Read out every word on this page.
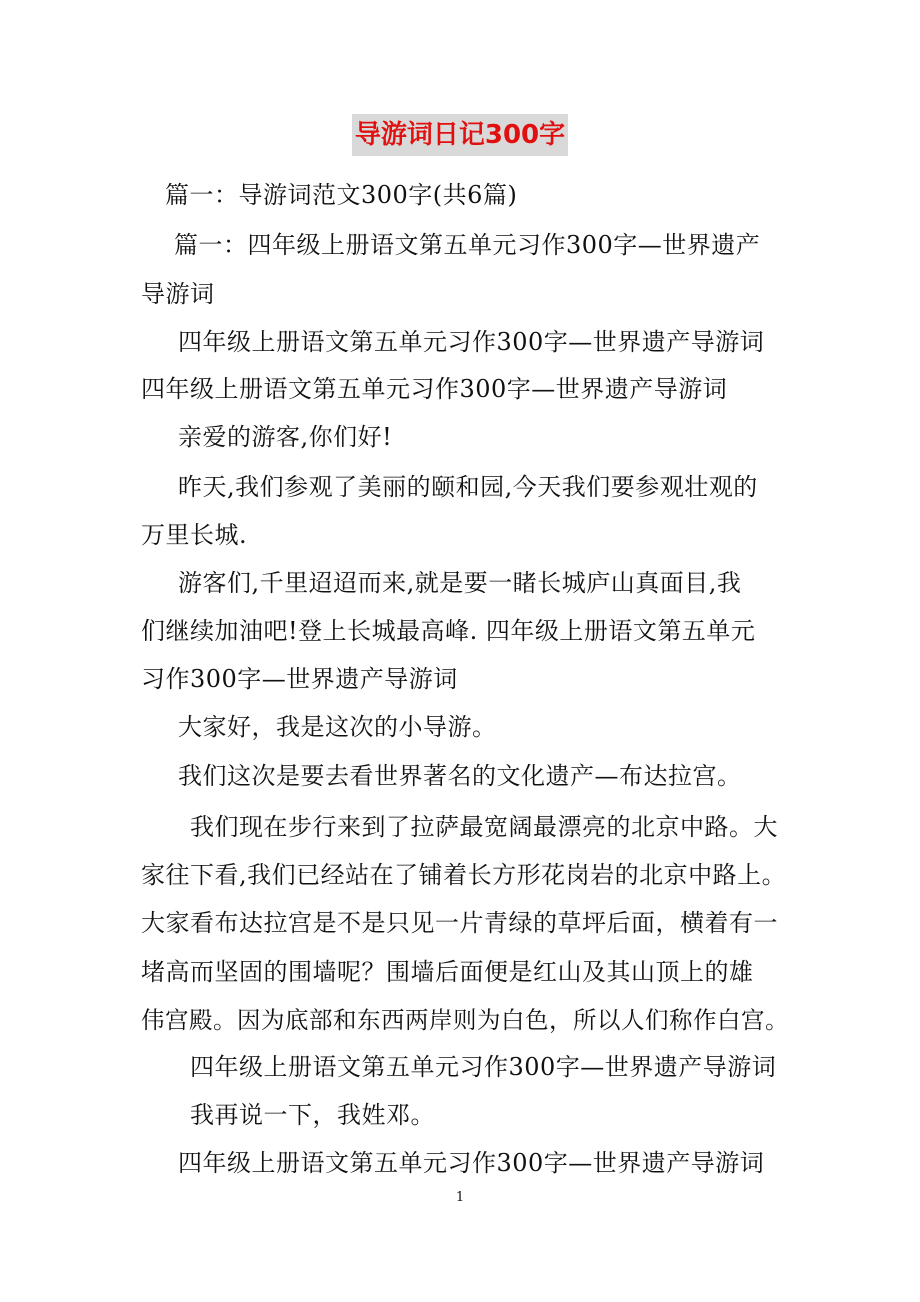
导游词日记300字
篇一：导游词范文300字(共6篇)
篇一：四年级上册语文第五单元习作300字—世界遗产
导游词
四年级上册语文第五单元习作300字—世界遗产导游词
四年级上册语文第五单元习作300字—世界遗产导游词
亲爱的游客,你们好!
昨天,我们参观了美丽的颐和园,今天我们要参观壮观的
万里长城.
游客们,千里迢迢而来,就是要一睹长城庐山真面目,我
们继续加油吧!登上长城最高峰. 四年级上册语文第五单元
习作300字—世界遗产导游词
大家好，我是这次的小导游。
我们这次是要去看世界著名的文化遗产—布达拉宫。
我们现在步行来到了拉萨最宽阔最漂亮的北京中路。大
家往下看,我们已经站在了铺着长方形花岗岩的北京中路上。
大家看布达拉宫是不是只见一片青绿的草坪后面，横着有一
堵高而坚固的围墙呢？围墙后面便是红山及其山顶上的雄
伟宫殿。因为底部和东西两岸则为白色，所以人们称作白宫。
四年级上册语文第五单元习作300字—世界遗产导游词
我再说一下，我姓邓。
四年级上册语文第五单元习作300字—世界遗产导游词
1
